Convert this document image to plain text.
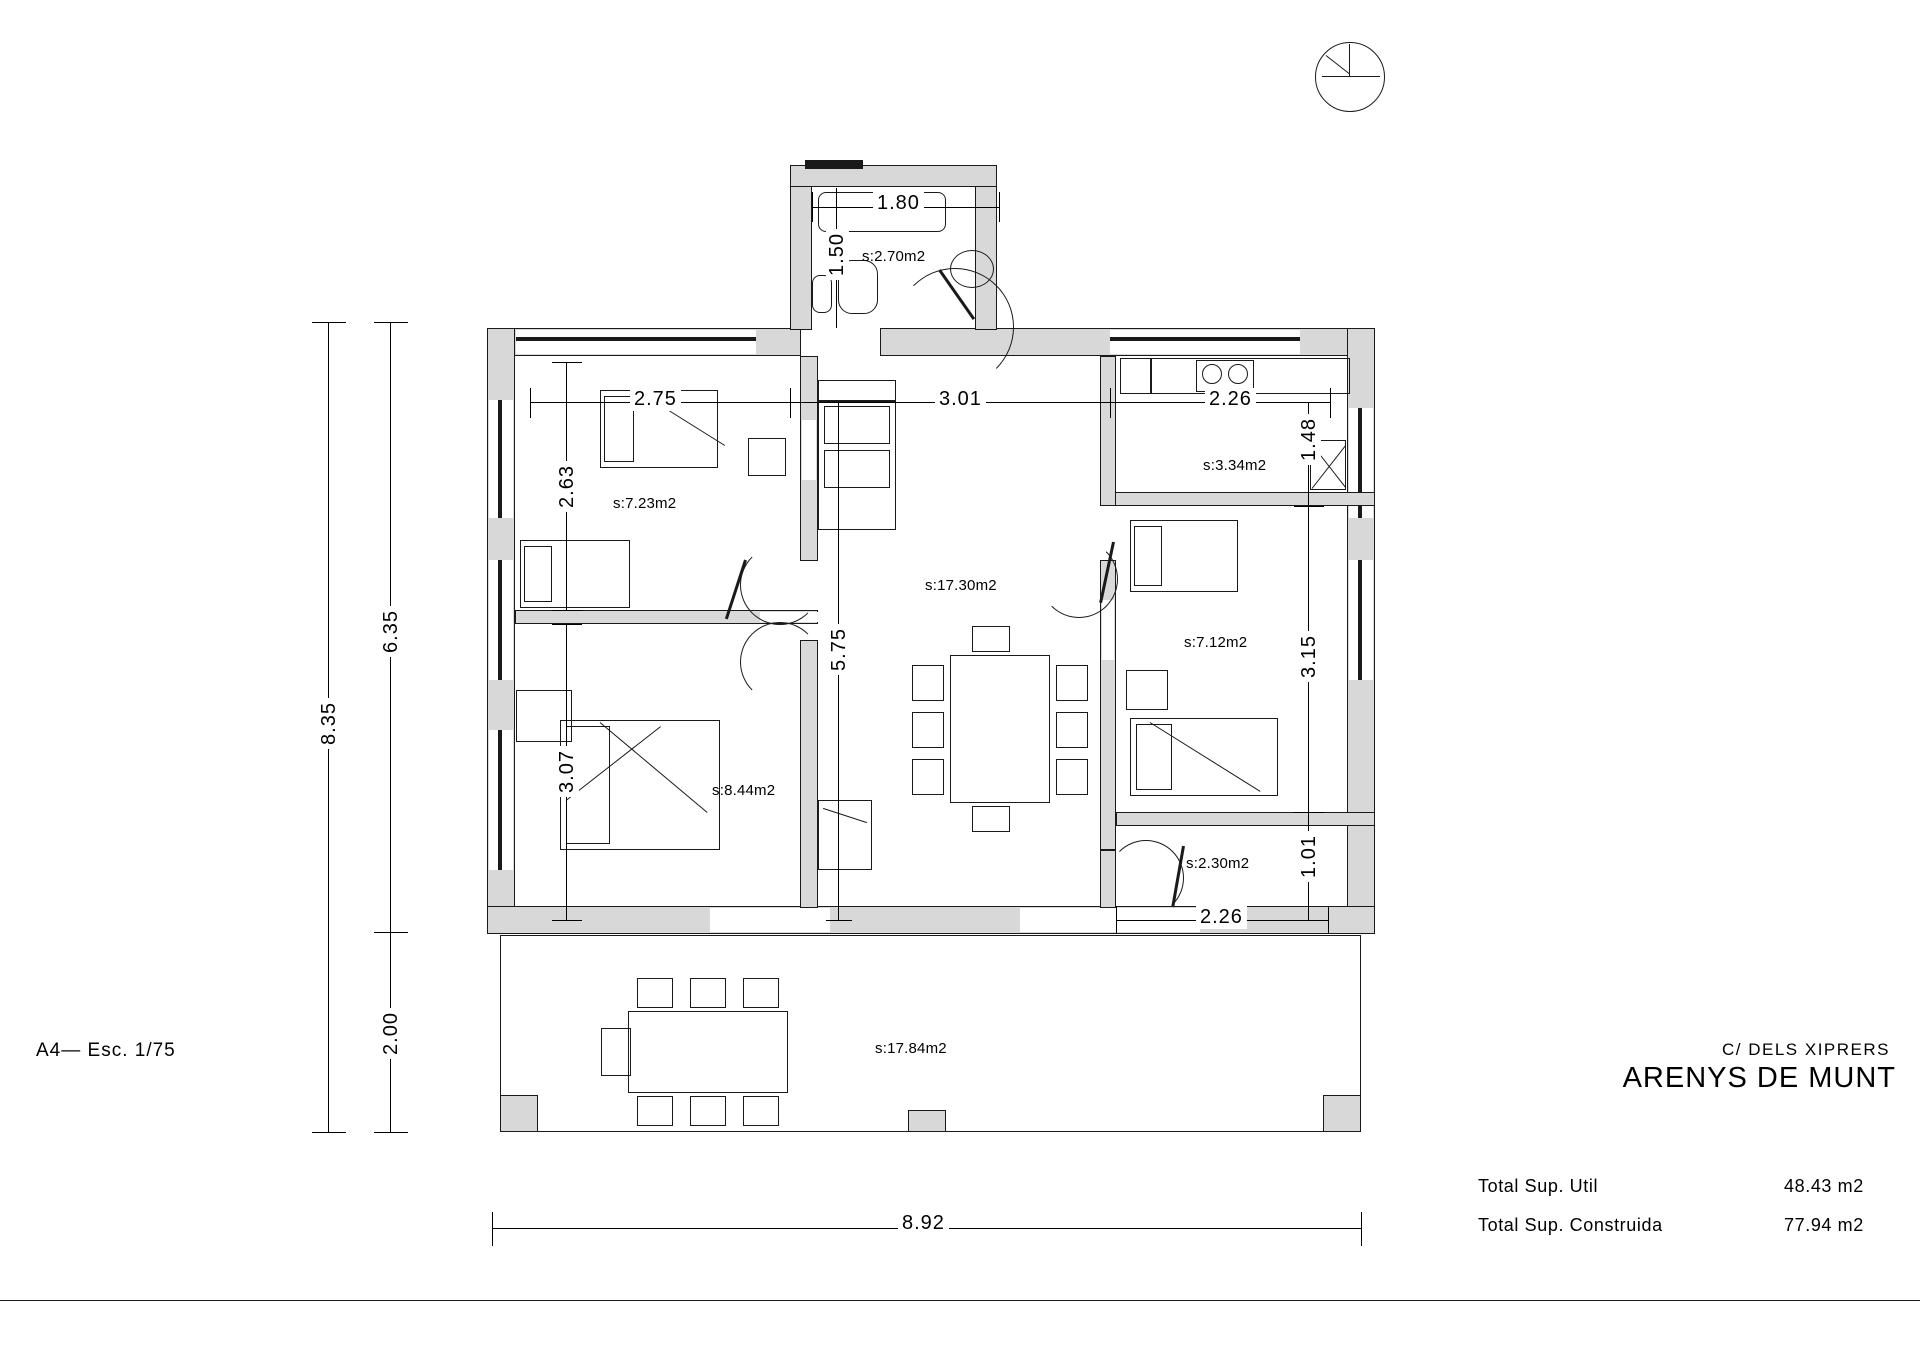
s:17.84m2
s:2.70m2
s:7.23m2
s:17.30m2
s:3.34m2
s:8.44m2
s:7.12m2
s:2.30m2
1.80
1.50
2.75	3.01	2.26
1.48
2.63
5.75
3.07
3.15
1.01
2.26
8.35
6.35
2.00
8.92
Total Sup. Util	48.43 m2
Total Sup. Construida	77.94 m2
A4— Esc. 1/75	C/ DELS XIPRERS
ARENYS DE MUNT
